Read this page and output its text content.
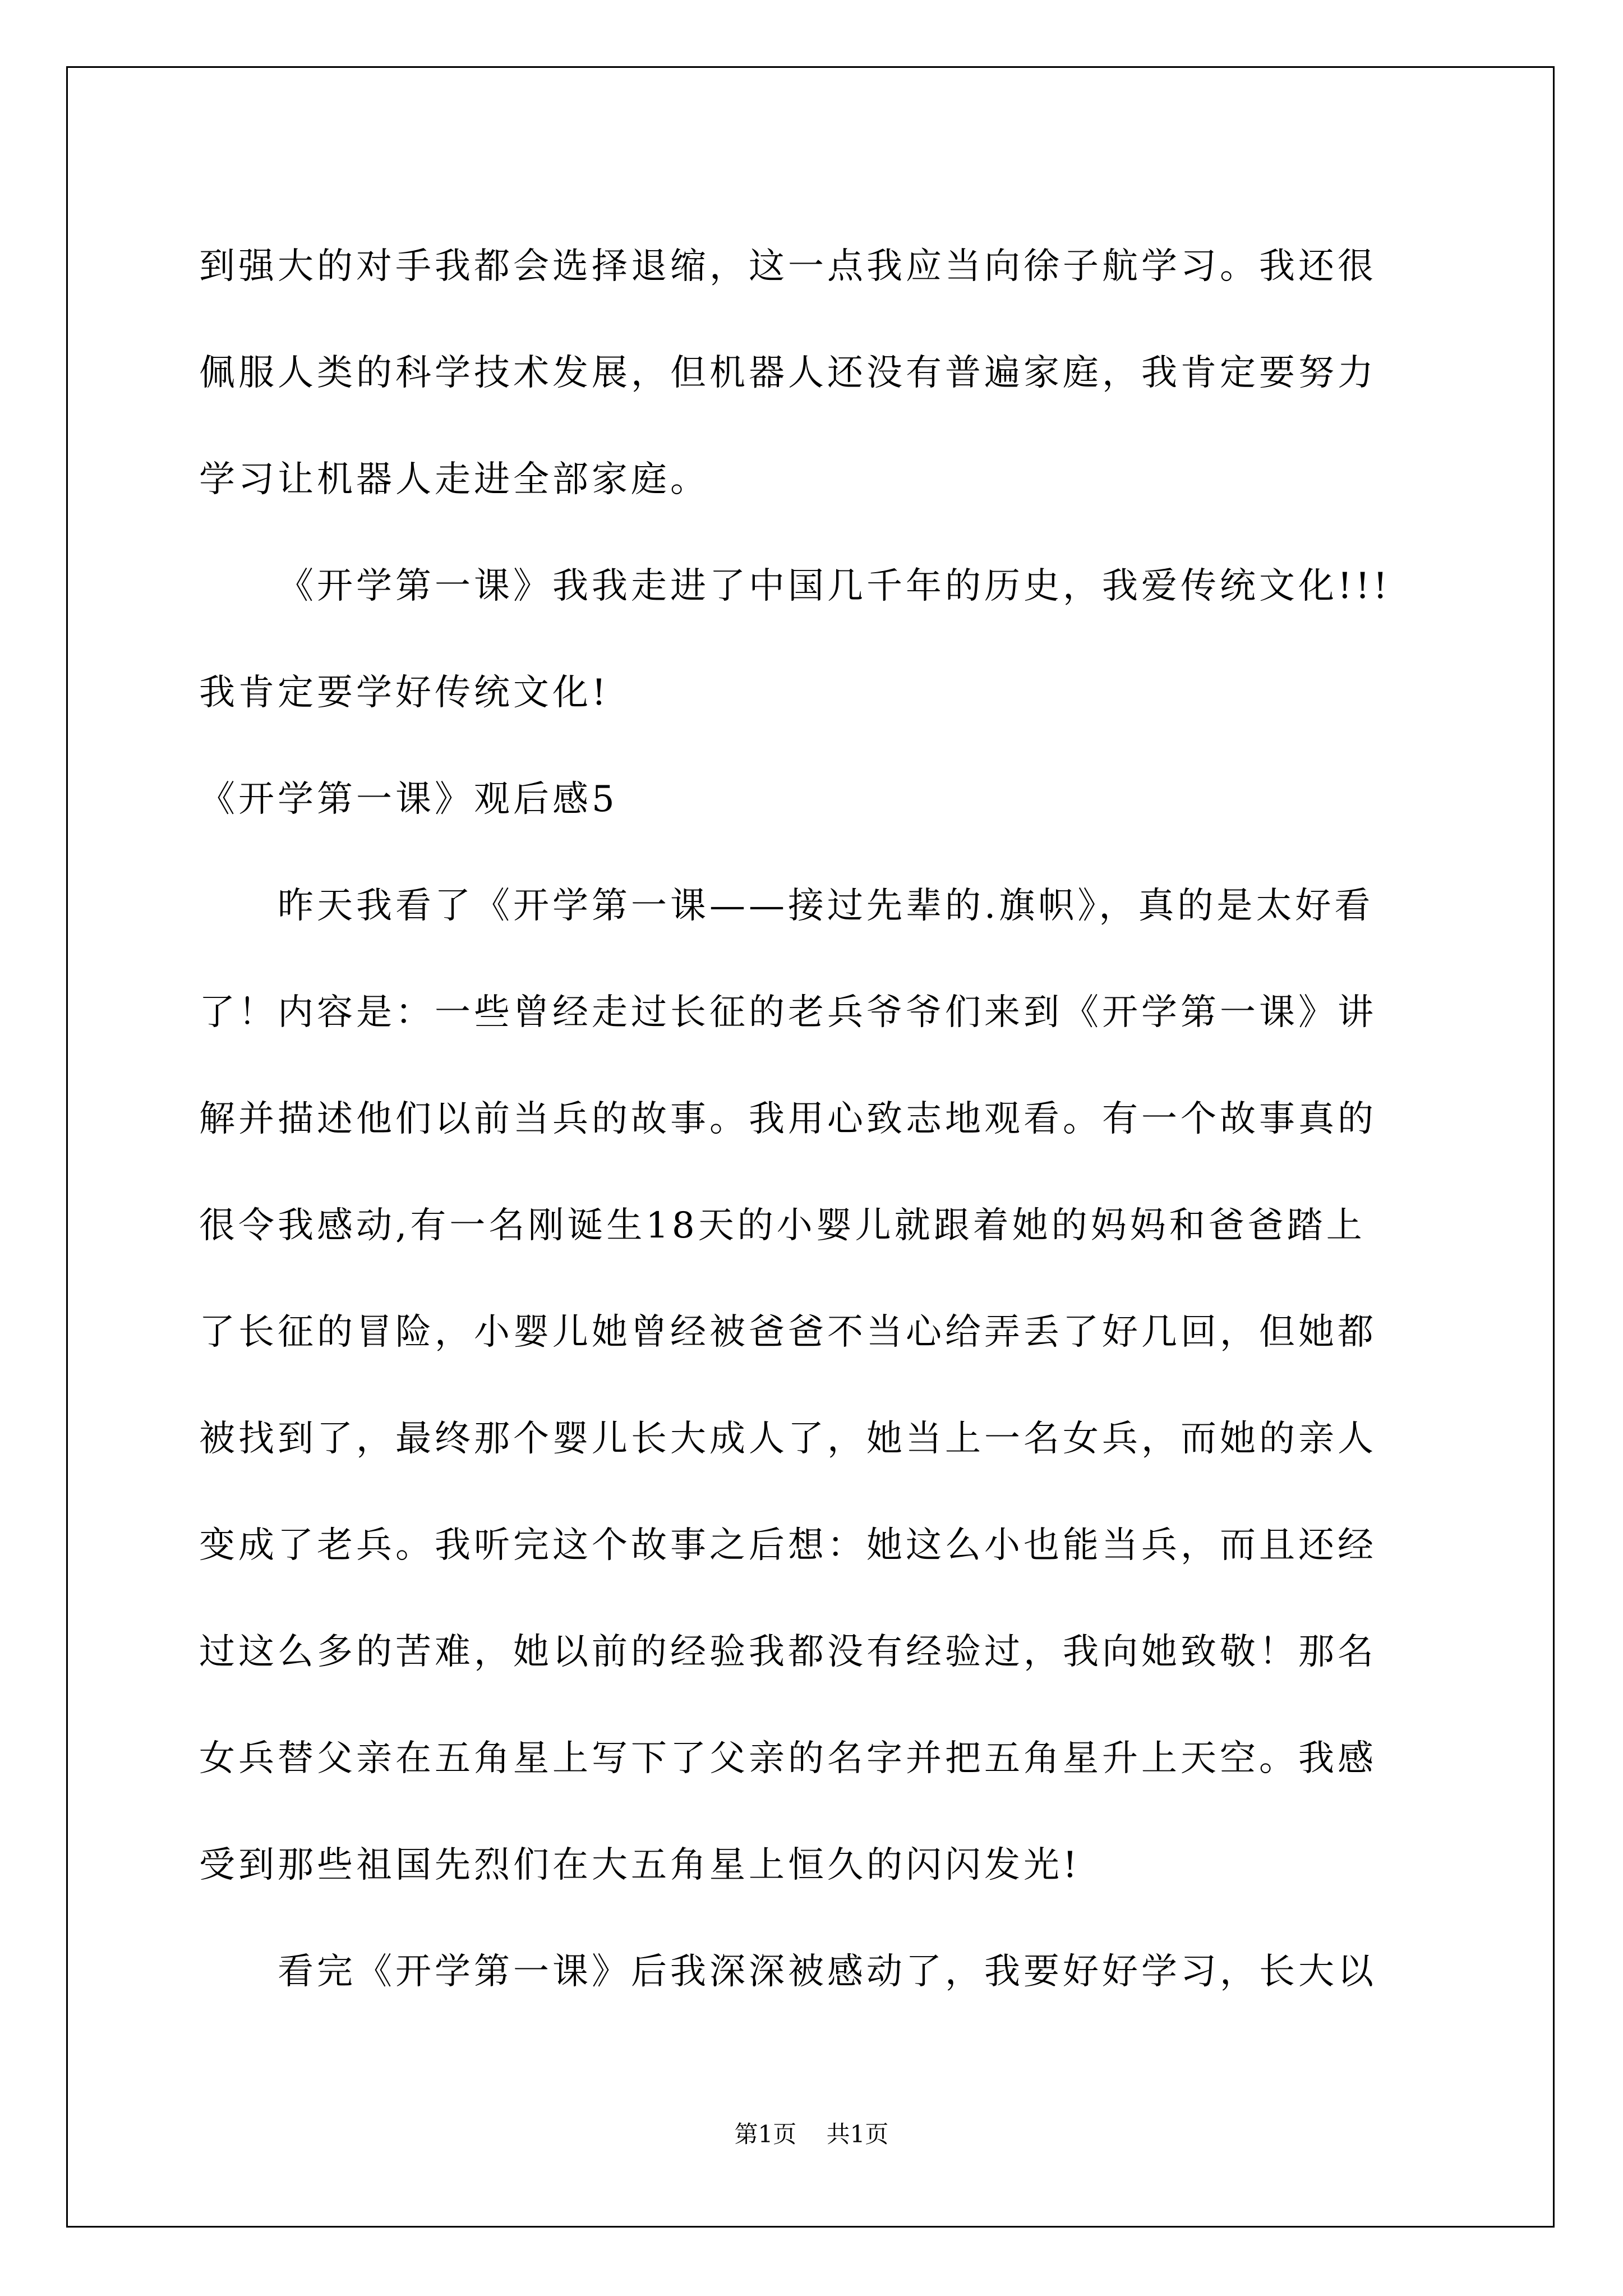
到强大的对手我都会选择退缩，这一点我应当向徐子航学习。我还很
佩服人类的科学技术发展，但机器人还没有普遍家庭，我肯定要努力
学习让机器人走进全部家庭。
《开学第一课》我我走进了中国几千年的历史，我爱传统文化!!!
我肯定要学好传统文化!
《开学第一课》观后感5
昨天我看了《开学第一课——接过先辈的.旗帜》，真的是太好看
了！内容是：一些曾经走过长征的老兵爷爷们来到《开学第一课》讲
解并描述他们以前当兵的故事。我用心致志地观看。有一个故事真的
很令我感动,有一名刚诞生18天的小婴儿就跟着她的妈妈和爸爸踏上
了长征的冒险，小婴儿她曾经被爸爸不当心给弄丢了好几回，但她都
被找到了，最终那个婴儿长大成人了，她当上一名女兵，而她的亲人
变成了老兵。我听完这个故事之后想：她这么小也能当兵，而且还经
过这么多的苦难，她以前的经验我都没有经验过，我向她致敬！那名
女兵替父亲在五角星上写下了父亲的名字并把五角星升上天空。我感
受到那些祖国先烈们在大五角星上恒久的闪闪发光!
看完《开学第一课》后我深深被感动了，我要好好学习，长大以
第1页 共1页
